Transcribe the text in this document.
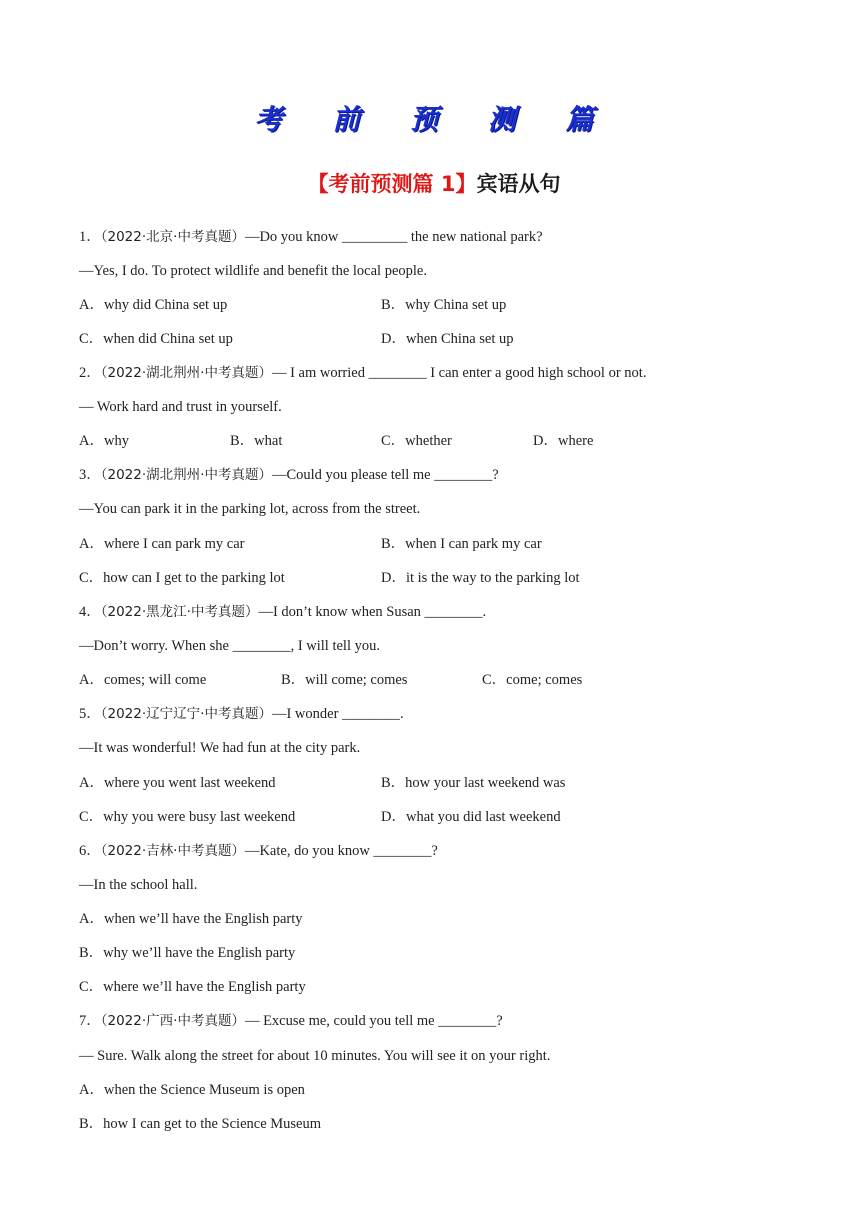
考 前 预 测 篇
【考前预测篇 1】宾语从句
1．（2022·北京·中考真题）—Do you know _________ the new national park?
—Yes, I do. To protect wildlife and benefit the local people.
A．why did China set up	B．why China set up
C．when did China set up	D．when China set up
2．（2022·湖北荆州·中考真题）— I am worried ________ I can enter a good high school or not.
— Work hard and trust in yourself.
A．why	B．what	C．whether	D．where
3．（2022·湖北荆州·中考真题）—Could you please tell me ________?
—You can park it in the parking lot, across from the street.
A．where I can park my car	B．when I can park my car
C．how can I get to the parking lot	D．it is the way to the parking lot
4．（2022·黑龙江·中考真题）—I don’t know when Susan ________.
—Don’t worry. When she ________, I will tell you.
A．comes; will come	B．will come; comes	C．come; comes
5．（2022·辽宁辽宁·中考真题）—I wonder ________.
—It was wonderful! We had fun at the city park.
A．where you went last weekend	B．how your last weekend was
C．why you were busy last weekend	D．what you did last weekend
6．（2022·吉林·中考真题）—Kate, do you know ________?
—In the school hall.
A．when we’ll have the English party
B．why we’ll have the English party
C．where we’ll have the English party
7．（2022·广西·中考真题）— Excuse me, could you tell me ________?
— Sure. Walk along the street for about 10 minutes. You will see it on your right.
A．when the Science Museum is open
B．how I can get to the Science Museum
